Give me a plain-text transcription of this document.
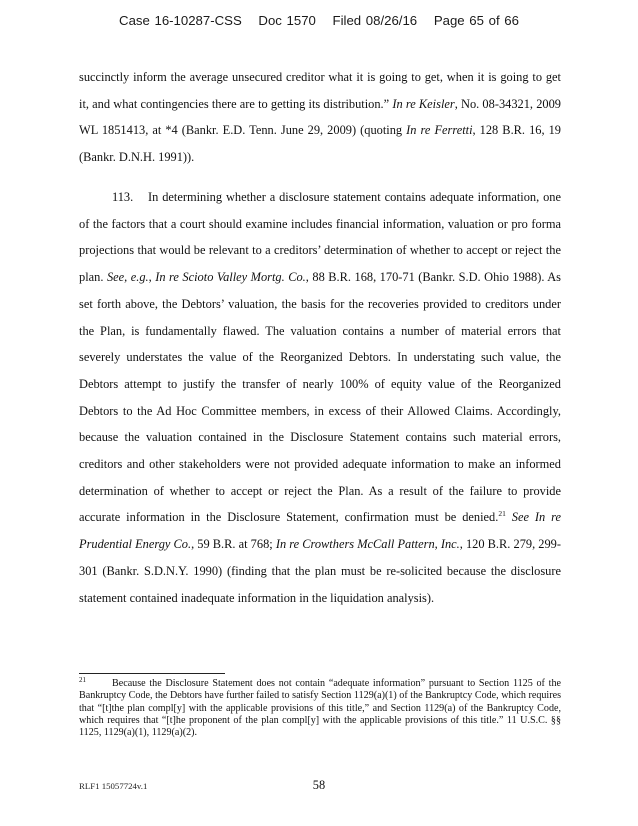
Case 16-10287-CSS Doc 1570 Filed 08/26/16 Page 65 of 66

succinctly inform the average unsecured creditor what it is going to get, when it is going to get it, and what contingencies there are to getting its distribution.” In re Keisler, No. 08-34321, 2009 WL 1851413, at *4 (Bankr. E.D. Tenn. June 29, 2009) (quoting In re Ferretti, 128 B.R. 16, 19 (Bankr. D.N.H. 1991)).

113. In determining whether a disclosure statement contains adequate information, one of the factors that a court should examine includes financial information, valuation or pro forma projections that would be relevant to a creditors’ determination of whether to accept or reject the plan. See, e.g., In re Scioto Valley Mortg. Co., 88 B.R. 168, 170-71 (Bankr. S.D. Ohio 1988). As set forth above, the Debtors’ valuation, the basis for the recoveries provided to creditors under the Plan, is fundamentally flawed. The valuation contains a number of material errors that severely understates the value of the Reorganized Debtors. In understating such value, the Debtors attempt to justify the transfer of nearly 100% of equity value of the Reorganized Debtors to the Ad Hoc Committee members, in excess of their Allowed Claims. Accordingly, because the valuation contained in the Disclosure Statement contains such material errors, creditors and other stakeholders were not provided adequate information to make an informed determination of whether to accept or reject the Plan. As a result of the failure to provide accurate information in the Disclosure Statement, confirmation must be denied.$^{21}$ See In re Prudential Energy Co., 59 B.R. at 768; In re Crowthers McCall Pattern, Inc., 120 B.R. 279, 299-301 (Bankr. S.D.N.Y. 1990) (finding that the plan must be re-solicited because the disclosure statement contained inadequate information in the liquidation analysis).

21	Because the Disclosure Statement does not contain “adequate information” pursuant to Section 1125 of the Bankruptcy Code, the Debtors have further failed to satisfy Section 1129(a)(1) of the Bankruptcy Code, which requires that “[t]the plan compl[y] with the applicable provisions of this title,” and Section 1129(a) of the Bankruptcy Code, which requires that “[t]he proponent of the plan compl[y] with the applicable provisions of this title.” 11 U.S.C. §§ 1125, 1129(a)(1), 1129(a)(2).
RLF1 15057724v.1	58
